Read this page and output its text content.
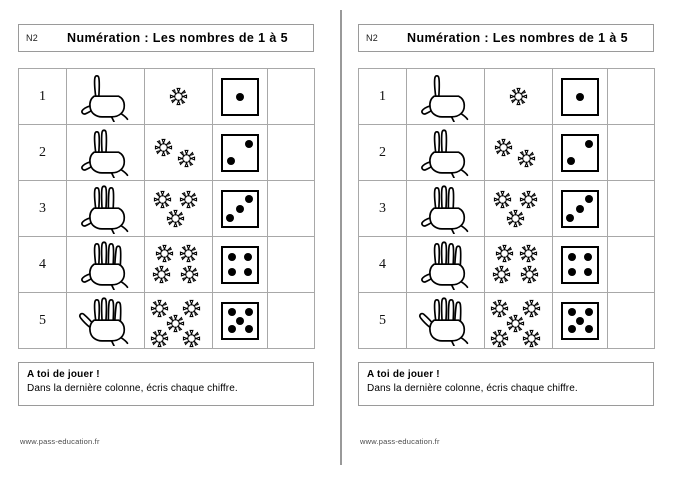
N2	Numération : Les nombres de 1 à 5
1	

2	

3	

4	

5	

A toi de jouer !
Dans la dernière colonne, écris chaque chiffre.
www.pass-education.fr
N2	Numération : Les nombres de 1 à 5
1	

2	

3	

4	

5	

A toi de jouer !
Dans la dernière colonne, écris chaque chiffre.
www.pass-education.fr
